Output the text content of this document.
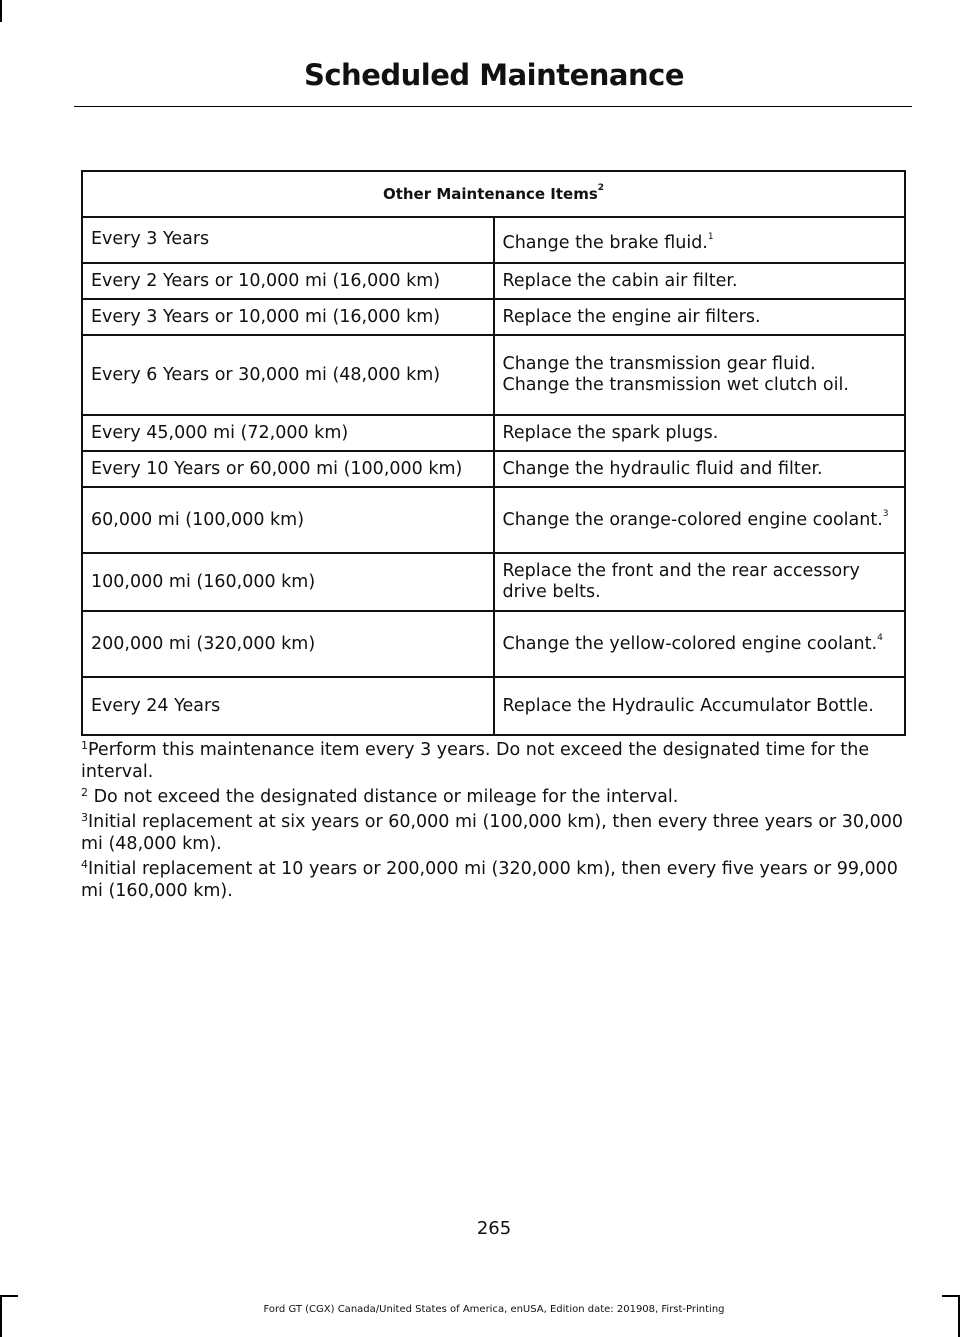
Scheduled Maintenance
Other Maintenance Items$^2$
Every 3 Years	Change the brake fluid.$^1$
Every 2 Years or 10,000 mi (16,000 km)	Replace the cabin air filter.
Every 3 Years or 10,000 mi (16,000 km)	Replace the engine air filters.
Every 6 Years or 30,000 mi (48,000 km)	Change the transmission gear fluid.
Change the transmission wet clutch oil.

Every 45,000 mi (72,000 km)	Replace the spark plugs.
Every 10 Years or 60,000 mi (100,000 km)	Change the hydraulic fluid and filter.
60,000 mi (100,000 km)	Change the orange-colored engine coolant.$^3$
100,000 mi (160,000 km)	Replace the front and the rear accessory drive belts.
200,000 mi (320,000 km)	Change the yellow-colored engine coolant.$^4$
Every 24 Years	Replace the Hydraulic Accumulator Bottle.

$^1$Perform this maintenance item every 3 years. Do not exceed the designated time for the interval.

$^2$ Do not exceed the designated distance or mileage for the interval.

$^3$Initial replacement at six years or 60,000 mi (100,000 km), then every three years or 30,000 mi (48,000 km).

$^4$Initial replacement at 10 years or 200,000 mi (320,000 km), then every five years or 99,000 mi (160,000 km).

265
Ford GT (CGX) Canada/United States of America, enUSA, Edition date: 201908, First-Printing
